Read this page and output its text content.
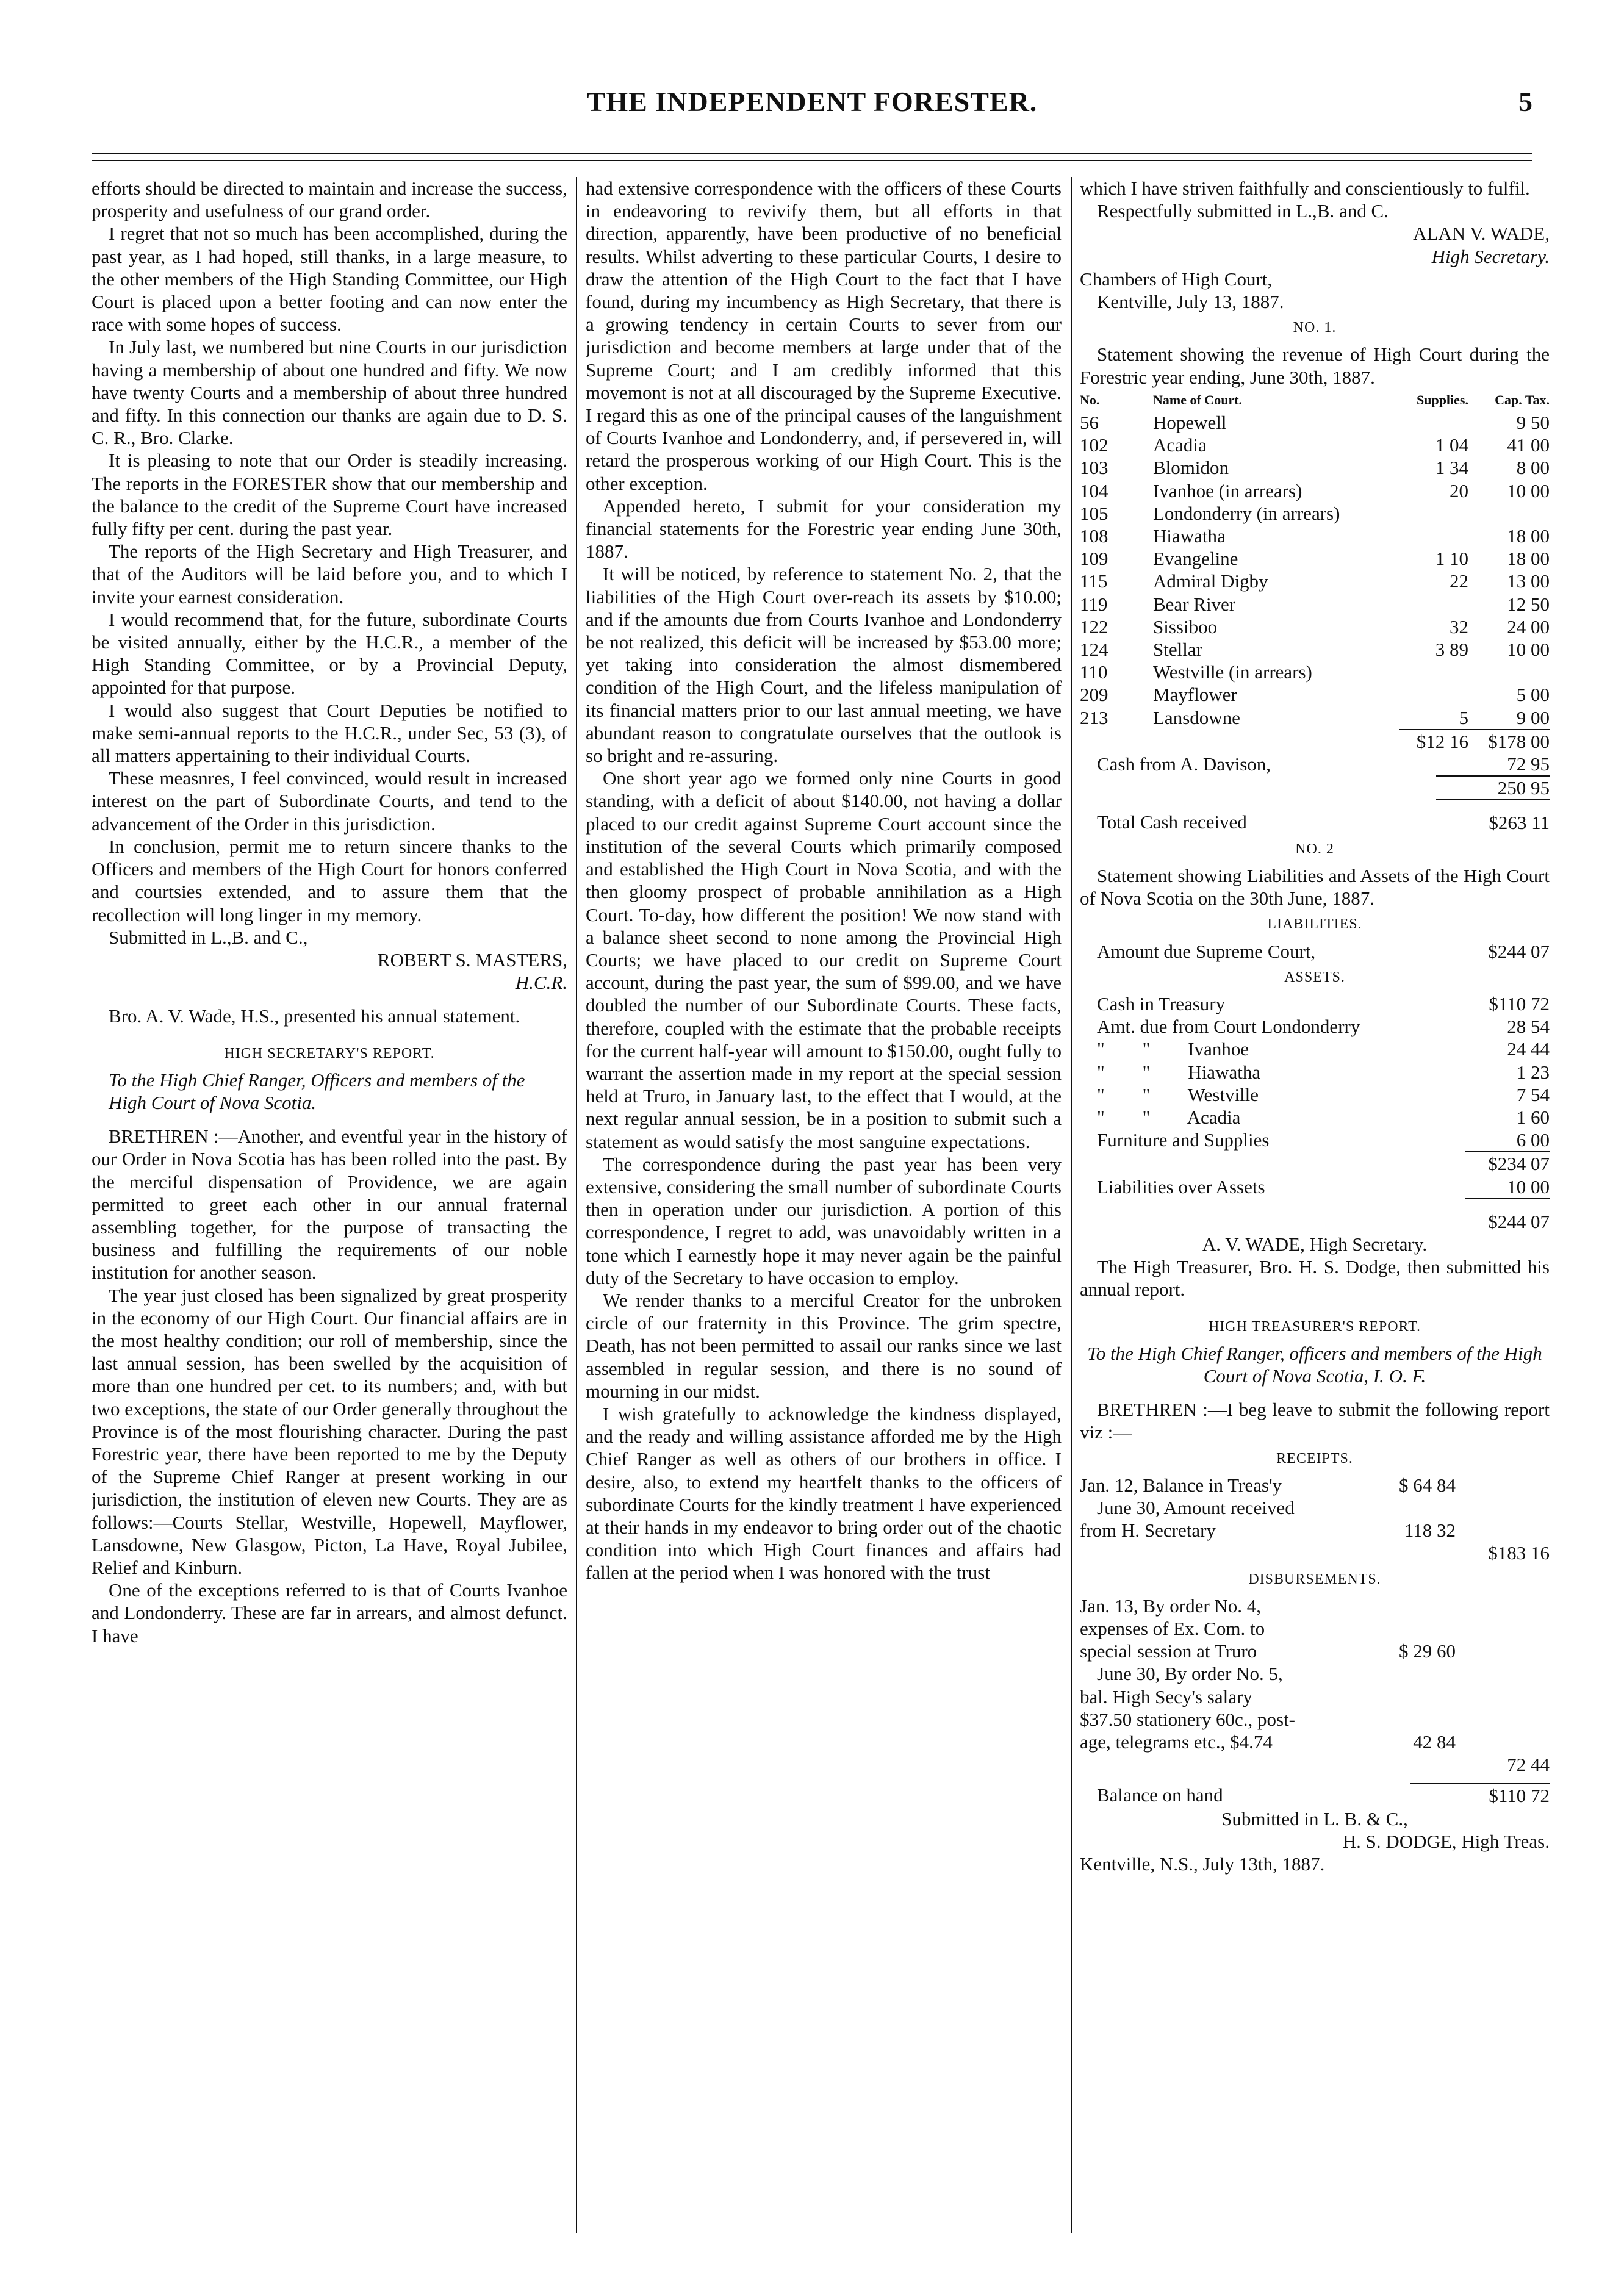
THE INDEPENDENT FORESTER.	5

efforts should be directed to maintain and increase the success, prosperity and usefulness of our grand order.

I regret that not so much has been accomplished, during the past year, as I had hoped, still thanks, in a large measure, to the other members of the High Standing Committee, our High Court is placed upon a better footing and can now enter the race with some hopes of success.

In July last, we numbered but nine Courts in our jurisdiction having a membership of about one hundred and fifty. We now have twenty Courts and a membership of about three hundred and fifty. In this connection our thanks are again due to D. S. C. R., Bro. Clarke.

It is pleasing to note that our Order is steadily increasing. The reports in the FORESTER show that our membership and the balance to the credit of the Supreme Court have increased fully fifty per cent. during the past year.

The reports of the High Secretary and High Treasurer, and that of the Auditors will be laid before you, and to which I invite your earnest consideration.

I would recommend that, for the future, subordinate Courts be visited annually, either by the H.C.R., a member of the High Standing Committee, or by a Provincial Deputy, appointed for that purpose.

I would also suggest that Court Deputies be notified to make semi-annual reports to the H.C.R., under Sec, 53 (3), of all matters appertaining to their individual Courts.

These measnres, I feel convinced, would result in increased interest on the part of Subordinate Courts, and tend to the advancement of the Order in this jurisdiction.

In conclusion, permit me to return sincere thanks to the Officers and members of the High Court for honors conferred and courtsies extended, and to assure them that the recollection will long linger in my memory.

Submitted in L.,B. and C.,

ROBERT S. MASTERS,

H.C.R.

Bro. A. V. Wade, H.S., presented his annual statement.

HIGH SECRETARY'S REPORT.

To the High Chief Ranger, Officers and members of the High Court of Nova Scotia.

BRETHREN :—Another, and eventful year in the history of our Order in Nova Scotia has has been rolled into the past. By the merciful dispensation of Providence, we are again permitted to greet each other in our annual fraternal assembling together, for the purpose of transacting the business and fulfilling the requirements of our noble institution for another season.

The year just closed has been signalized by great prosperity in the economy of our High Court. Our financial affairs are in the most healthy condition; our roll of membership, since the last annual session, has been swelled by the acquisition of more than one hundred per cet. to its numbers; and, with but two exceptions, the state of our Order generally throughout the Province is of the most flourishing character. During the past Forestric year, there have been reported to me by the Deputy of the Supreme Chief Ranger at present working in our jurisdiction, the institution of eleven new Courts. They are as follows:—Courts Stellar, Westville, Hopewell, Mayflower, Lansdowne, New Glasgow, Picton, La Have, Royal Jubilee, Relief and Kinburn.

One of the exceptions referred to is that of Courts Ivanhoe and Londonderry. These are far in arrears, and almost defunct. I have

had extensive correspondence with the officers of these Courts in endeavoring to revivify them, but all efforts in that direction, apparently, have been productive of no beneficial results. Whilst adverting to these particular Courts, I desire to draw the attention of the High Court to the fact that I have found, during my incumbency as High Secretary, that there is a growing tendency in certain Courts to sever from our jurisdiction and become members at large under that of the Supreme Court; and I am credibly informed that this movemont is not at all discouraged by the Supreme Executive. I regard this as one of the principal causes of the languishment of Courts Ivanhoe and Londonderry, and, if persevered in, will retard the prosperous working of our High Court. This is the other exception.

Appended hereto, I submit for your consideration my financial statements for the Forestric year ending June 30th, 1887.

It will be noticed, by reference to statement No. 2, that the liabilities of the High Court over-reach its assets by $10.00; and if the amounts due from Courts Ivanhoe and Londonderry be not realized, this deficit will be increased by $53.00 more; yet taking into consideration the almost dismembered condition of the High Court, and the lifeless manipulation of its financial matters prior to our last annual meeting, we have abundant reason to congratulate ourselves that the outlook is so bright and re-assuring.

One short year ago we formed only nine Courts in good standing, with a deficit of about $140.00, not having a dollar placed to our credit against Supreme Court account since the institution of the several Courts which primarily composed and established the High Court in Nova Scotia, and with the then gloomy prospect of probable annihilation as a High Court. To-day, how different the position! We now stand with a balance sheet second to none among the Provincial High Courts; we have placed to our credit on Supreme Court account, during the past year, the sum of $99.00, and we have doubled the number of our Subordinate Courts. These facts, therefore, coupled with the estimate that the probable receipts for the current half-year will amount to $150.00, ought fully to warrant the assertion made in my report at the special session held at Truro, in January last, to the effect that I would, at the next regular annual session, be in a position to submit such a statement as would satisfy the most sanguine expectations.

The correspondence during the past year has been very extensive, considering the small number of subordinate Courts then in operation under our jurisdiction. A portion of this correspondence, I regret to add, was unavoidably written in a tone which I earnestly hope it may never again be the painful duty of the Secretary to have occasion to employ.

We render thanks to a merciful Creator for the unbroken circle of our fraternity in this Province. The grim spectre, Death, has not been permitted to assail our ranks since we last assembled in regular session, and there is no sound of mourning in our midst.

I wish gratefully to acknowledge the kindness displayed, and the ready and willing assistance afforded me by the High Chief Ranger as well as others of our brothers in office. I desire, also, to extend my heartfelt thanks to the officers of subordinate Courts for the kindly treatment I have experienced at their hands in my endeavor to bring order out of the chaotic condition into which High Court finances and affairs had fallen at the period when I was honored with the trust

which I have striven faithfully and conscientiously to fulfil.

Respectfully submitted in L.,B. and C.

ALAN V. WADE,

High Secretary.

Chambers of High Court,

Kentville, July 13, 1887.

NO. 1.

Statement showing the revenue of High Court during the Forestric year ending, June 30th, 1887.

No.	Name of Court.	Supplies.	Cap. Tax.
56	Hopewell		9 50
102	Acadia	1 04	41 00
103	Blomidon	1 34	8 00
104	Ivanhoe (in arrears)	20	10 00
105	Londonderry (in arrears)		
108	Hiawatha		18 00
109	Evangeline	1 10	18 00
115	Admiral Digby	22	13 00
119	Bear River		12 50
122	Sissiboo	32	24 00
124	Stellar	3 89	10 00
110	Westville (in arrears)		
209	Mayflower		5 00
213	Lansdowne	5	9 00
		$12 16	$178 00
Cash from A. Davison,	72 95
	250 95
Total Cash received	$263 11

NO. 2

Statement showing Liabilities and Assets of the High Court of Nova Scotia on the 30th June, 1887.

LIABILITIES.

Amount due Supreme Court,	$244 07

ASSETS.

Cash in Treasury	$110 72
Amt. due from Court Londonderry	28 54
"        "        Ivanhoe	24 44
"        "        Hiawatha	1 23
"        "        Westville	7 54
"        "        Acadia	1 60
Furniture and Supplies	6 00
	$234 07
Liabilities over Assets	10 00
	$244 07

A. V. WADE, High Secretary.

The High Treasurer, Bro. H. S. Dodge, then submitted his annual report.

HIGH TREASURER'S REPORT.

To the High Chief Ranger, officers and members of the High Court of Nova Scotia, I. O. F.

BRETHREN :—I beg leave to submit the following report viz :—

RECEIPTS.

Jan. 12, Balance in Treas'y	$ 64 84
June 30, Amount received	
from H. Secretary	118 32

$183 16

DISBURSEMENTS.

Jan. 13, By order No. 4,	
expenses of Ex. Com. to	
special session at Truro	$ 29 60
June 30, By order No. 5,	
bal. High Secy's salary	
$37.50 stationery 60c., post-	
age, telegrams etc., $4.74	42 84

72 44

Balance on hand	$110 72

Submitted in L. B. & C.,

H. S. DODGE, High Treas.

Kentville, N.S., July 13th, 1887.
